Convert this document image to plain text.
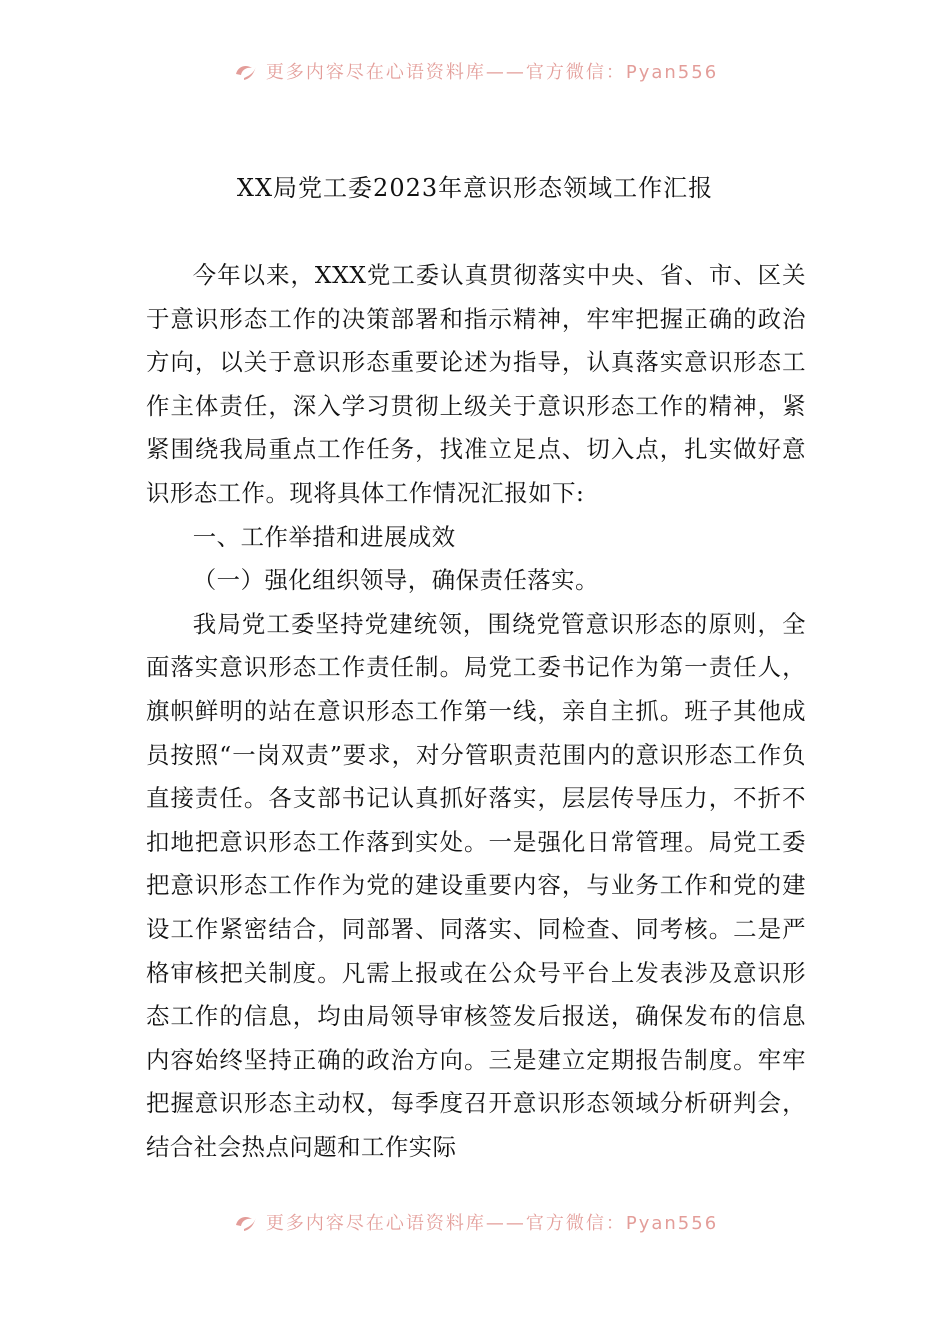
更多内容尽在心语资料库——官方微信：Pyan556
XX局党工委2023年意识形态领域工作汇报

今年以来，XXX党工委认真贯彻落实中央、省、市、区关于意识形态工作的决策部署和指示精神，牢牢把握正确的政治方向，以关于意识形态重要论述为指导，认真落实意识形态工作主体责任，深入学习贯彻上级关于意识形态工作的精神，紧紧围绕我局重点工作任务，找准立足点、切入点，扎实做好意识形态工作。现将具体工作情况汇报如下:

一、工作举措和进展成效

（一）强化组织领导，确保责任落实。

我局党工委坚持党建统领，围绕党管意识形态的原则，全面落实意识形态工作责任制。局党工委书记作为第一责任人，旗帜鲜明的站在意识形态工作第一线，亲自主抓。班子其他成员按照“一岗双责”要求，对分管职责范围内的意识形态工作负直接责任。各支部书记认真抓好落实，层层传导压力，不折不扣地把意识形态工作落到实处。一是强化日常管理。局党工委把意识形态工作作为党的建设重要内容，与业务工作和党的建设工作紧密结合，同部署、同落实、同检查、同考核。二是严格审核把关制度。凡需上报或在公众号平台上发表涉及意识形态工作的信息，均由局领导审核签发后报送，确保发布的信息内容始终坚持正确的政治方向。三是建立定期报告制度。牢牢把握意识形态主动权，每季度召开意识形态领域分析研判会，结合社会热点问题和工作实际

更多内容尽在心语资料库——官方微信：Pyan556
